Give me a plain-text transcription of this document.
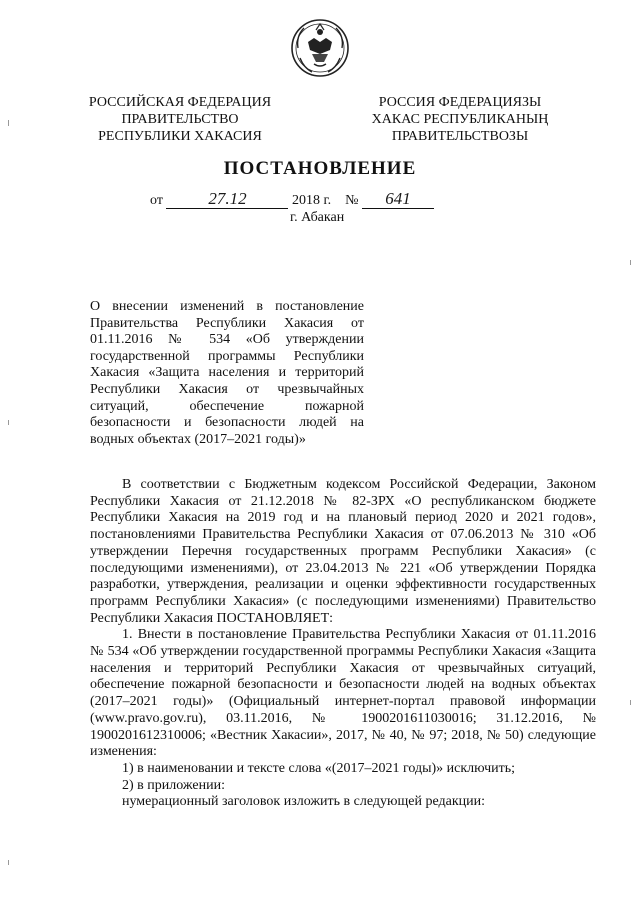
РОССИЙСКАЯ ФЕДЕРАЦИЯ
ПРАВИТЕЛЬСТВО
РЕСПУБЛИКИ ХАКАСИЯ
РОССИЯ ФЕДЕРАЦИЯЗЫ
ХАКАС РЕСПУБЛИКАНЫҢ
ПРАВИТЕЛЬСТВОЗЫ
ПОСТАНОВЛЕНИЕ
от	27.12	2018 г. №	641
г. Абакан
О внесении изменений в постановление Правительства Республики Хакасия от 01.11.2016 № 534 «Об утверждении государственной программы Республики Хакасия «Защита населения и территорий Республики Хакасия от чрезвычайных ситуаций, обеспечение пожарной безопасности и безопасности людей на водных объектах (2017–2021 годы)»

В соответствии с Бюджетным кодексом Российской Федерации, Законом Республики Хакасия от 21.12.2018 № 82-ЗРХ «О республиканском бюджете Республики Хакасия на 2019 год и на плановый период 2020 и 2021 годов», постановлениями Правительства Республики Хакасия от 07.06.2013 № 310 «Об утверждении Перечня государственных программ Республики Хакасия» (с последующими изменениями), от 23.04.2013 № 221 «Об утверждении Порядка разработки, утверждения, реализации и оценки эффективности государственных программ Республики Хакасия» (с последующими изменениями) Правительство Республики Хакасия ПОСТАНОВЛЯЕТ:

1. Внести в постановление Правительства Республики Хакасия от 01.11.2016 № 534 «Об утверждении государственной программы Республики Хакасия «Защита населения и территорий Республики Хакасия от чрезвычайных ситуаций, обеспечение пожарной безопасности и безопасности людей на водных объектах (2017–2021 годы)» (Официальный интернет-портал правовой информации (www.pravo.gov.ru), 03.11.2016, № 1900201611030016; 31.12.2016, № 1900201612310006; «Вестник Хакасии», 2017, № 40, № 97; 2018, № 50) следующие изменения:

1) в наименовании и тексте слова «(2017–2021 годы)» исключить;

2) в приложении:

нумерационный заголовок изложить в следующей редакции:
